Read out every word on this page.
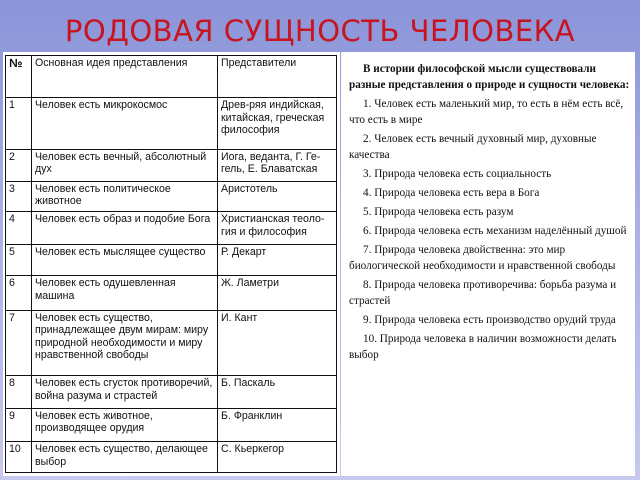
РОДОВАЯ СУЩНОСТЬ ЧЕЛОВЕКА
№	Основная идея представления	Представители
1	Человек есть микрокосмос	Древ-ряя индийская, китайская, греческая философия
2	Человек есть вечный, абсолютный дух	Иога, веданта, Г. Ге-гель, Е. Блаватская
3	Человек есть политическое животное	Аристотель
4	Человек есть образ и подобие Бога	Христианская теоло-гия и философия
5	Человек есть мыслящее существо	Р. Декарт
6	Человек есть одушевленная машина	Ж. Ламетри
7	Человек есть существо, принадлежащее двум мирам: миру природной необходимости и миру нравственной свободы	И. Кант
8	Человек есть сгусток противоречий, война разума и страстей	Б. Паскаль
9	Человек есть животное, производящее орудия	Б. Франклин
10	Человек есть существо, делающее выбор	С. Кьеркегор

В истории философской мысли существовали разные представления о природе и сущности человека:

1. Человек есть маленький мир, то есть в нём есть всё, что есть в мире

2. Человек есть вечный духовный мир, духовные качества

3. Природа человека есть социальность

4. Природа человека есть вера в Бога

5. Природа человека есть разум

6. Природа человека есть механизм наделённый душой

7. Природа человека двойственна: это мир биологической необходимости и нравственной свободы

8. Природа человека противоречива: борьба разума и страстей

9. Природа человека есть производство орудий труда

10. Природа человека в наличии возможности делать выбор
